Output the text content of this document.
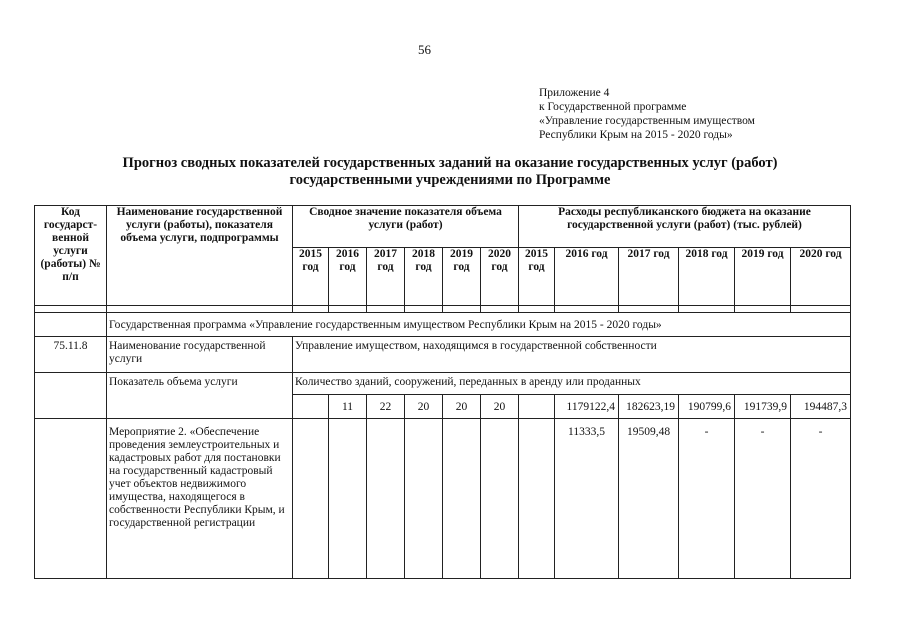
56
Приложение 4
к Государственной программе
«Управление государственным имуществом
Республики Крым на 2015 - 2020 годы»
Прогноз сводных показателей государственных заданий на оказание государственных услуг (работ)
государственными учреждениями по Программе
Код государст-венной услуги (работы) № п/п	Наименование государственной услуги (работы), показателя объема услуги, подпрограммы	Сводное значение показателя объема услуги (работ)						Расходы республиканского бюджета на оказание государственной услуги (работ) (тыс. рублей)					
		2015 год	2016 год	2017 год	2018 год	2019 год	2020 год	2015 год	2016 год	2017 год	2018 год	2019 год	2020 год

	Государственная программа «Управление государственным имуществом Республики Крым на 2015 - 2020 годы»												
75.11.8	Наименование государственной услуги	Управление имуществом, находящимся в государственной собственности											
	Показатель объема услуги	Количество зданий, сооружений, переданных в аренду или проданных											
			11	22	20	20	20		1179122,4	182623,19	190799,6	191739,9	194487,3
	Мероприятие 2. «Обеспечение проведения землеустроительных и кадастровых работ для постановки на государственный кадастровый учет объектов недвижимого имущества, находящегося в собственности Республики Крым, и государственной регистрации								11333,5	19509,48	-	-	-
